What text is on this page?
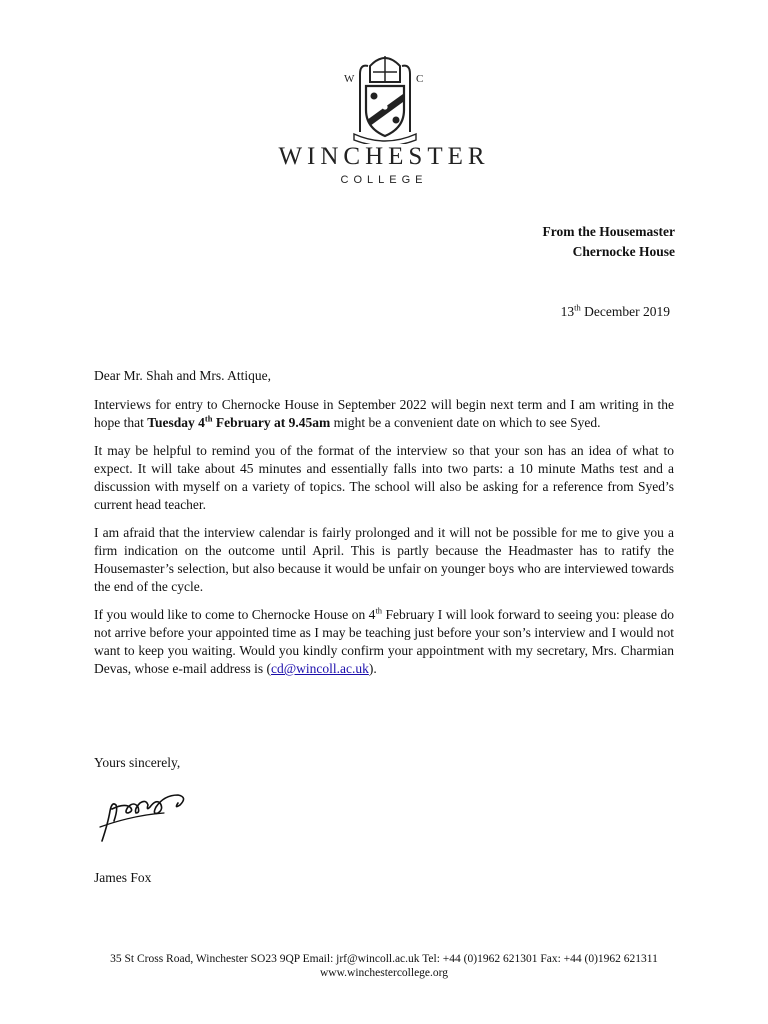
W	C
WINCHESTER
COLLEGE
From the Housemaster
Chernocke House
13th December 2019

Dear Mr. Shah and Mrs. Attique,

Interviews for entry to Chernocke House in September 2022 will begin next term and I am writing in the hope that Tuesday 4th February at 9.45am might be a convenient date on which to see Syed.

It may be helpful to remind you of the format of the interview so that your son has an idea of what to expect. It will take about 45 minutes and essentially falls into two parts: a 10 minute Maths test and a discussion with myself on a variety of topics. The school will also be asking for a reference from Syed’s current head teacher.

I am afraid that the interview calendar is fairly prolonged and it will not be possible for me to give you a firm indication on the outcome until April. This is partly because the Headmaster has to ratify the Housemaster’s selection, but also because it would be unfair on younger boys who are interviewed towards the end of the cycle.

If you would like to come to Chernocke House on 4th February I will look forward to seeing you: please do not arrive before your appointed time as I may be teaching just before your son’s interview and I would not want to keep you waiting. Would you kindly confirm your appointment with my secretary, Mrs. Charmian Devas, whose e-mail address is (cd@wincoll.ac.uk).

Yours sincerely,
James Fox
35 St Cross Road, Winchester SO23 9QP Email: jrf@wincoll.ac.uk Tel: +44 (0)1962 621301 Fax: +44 (0)1962 621311
www.winchestercollege.org
